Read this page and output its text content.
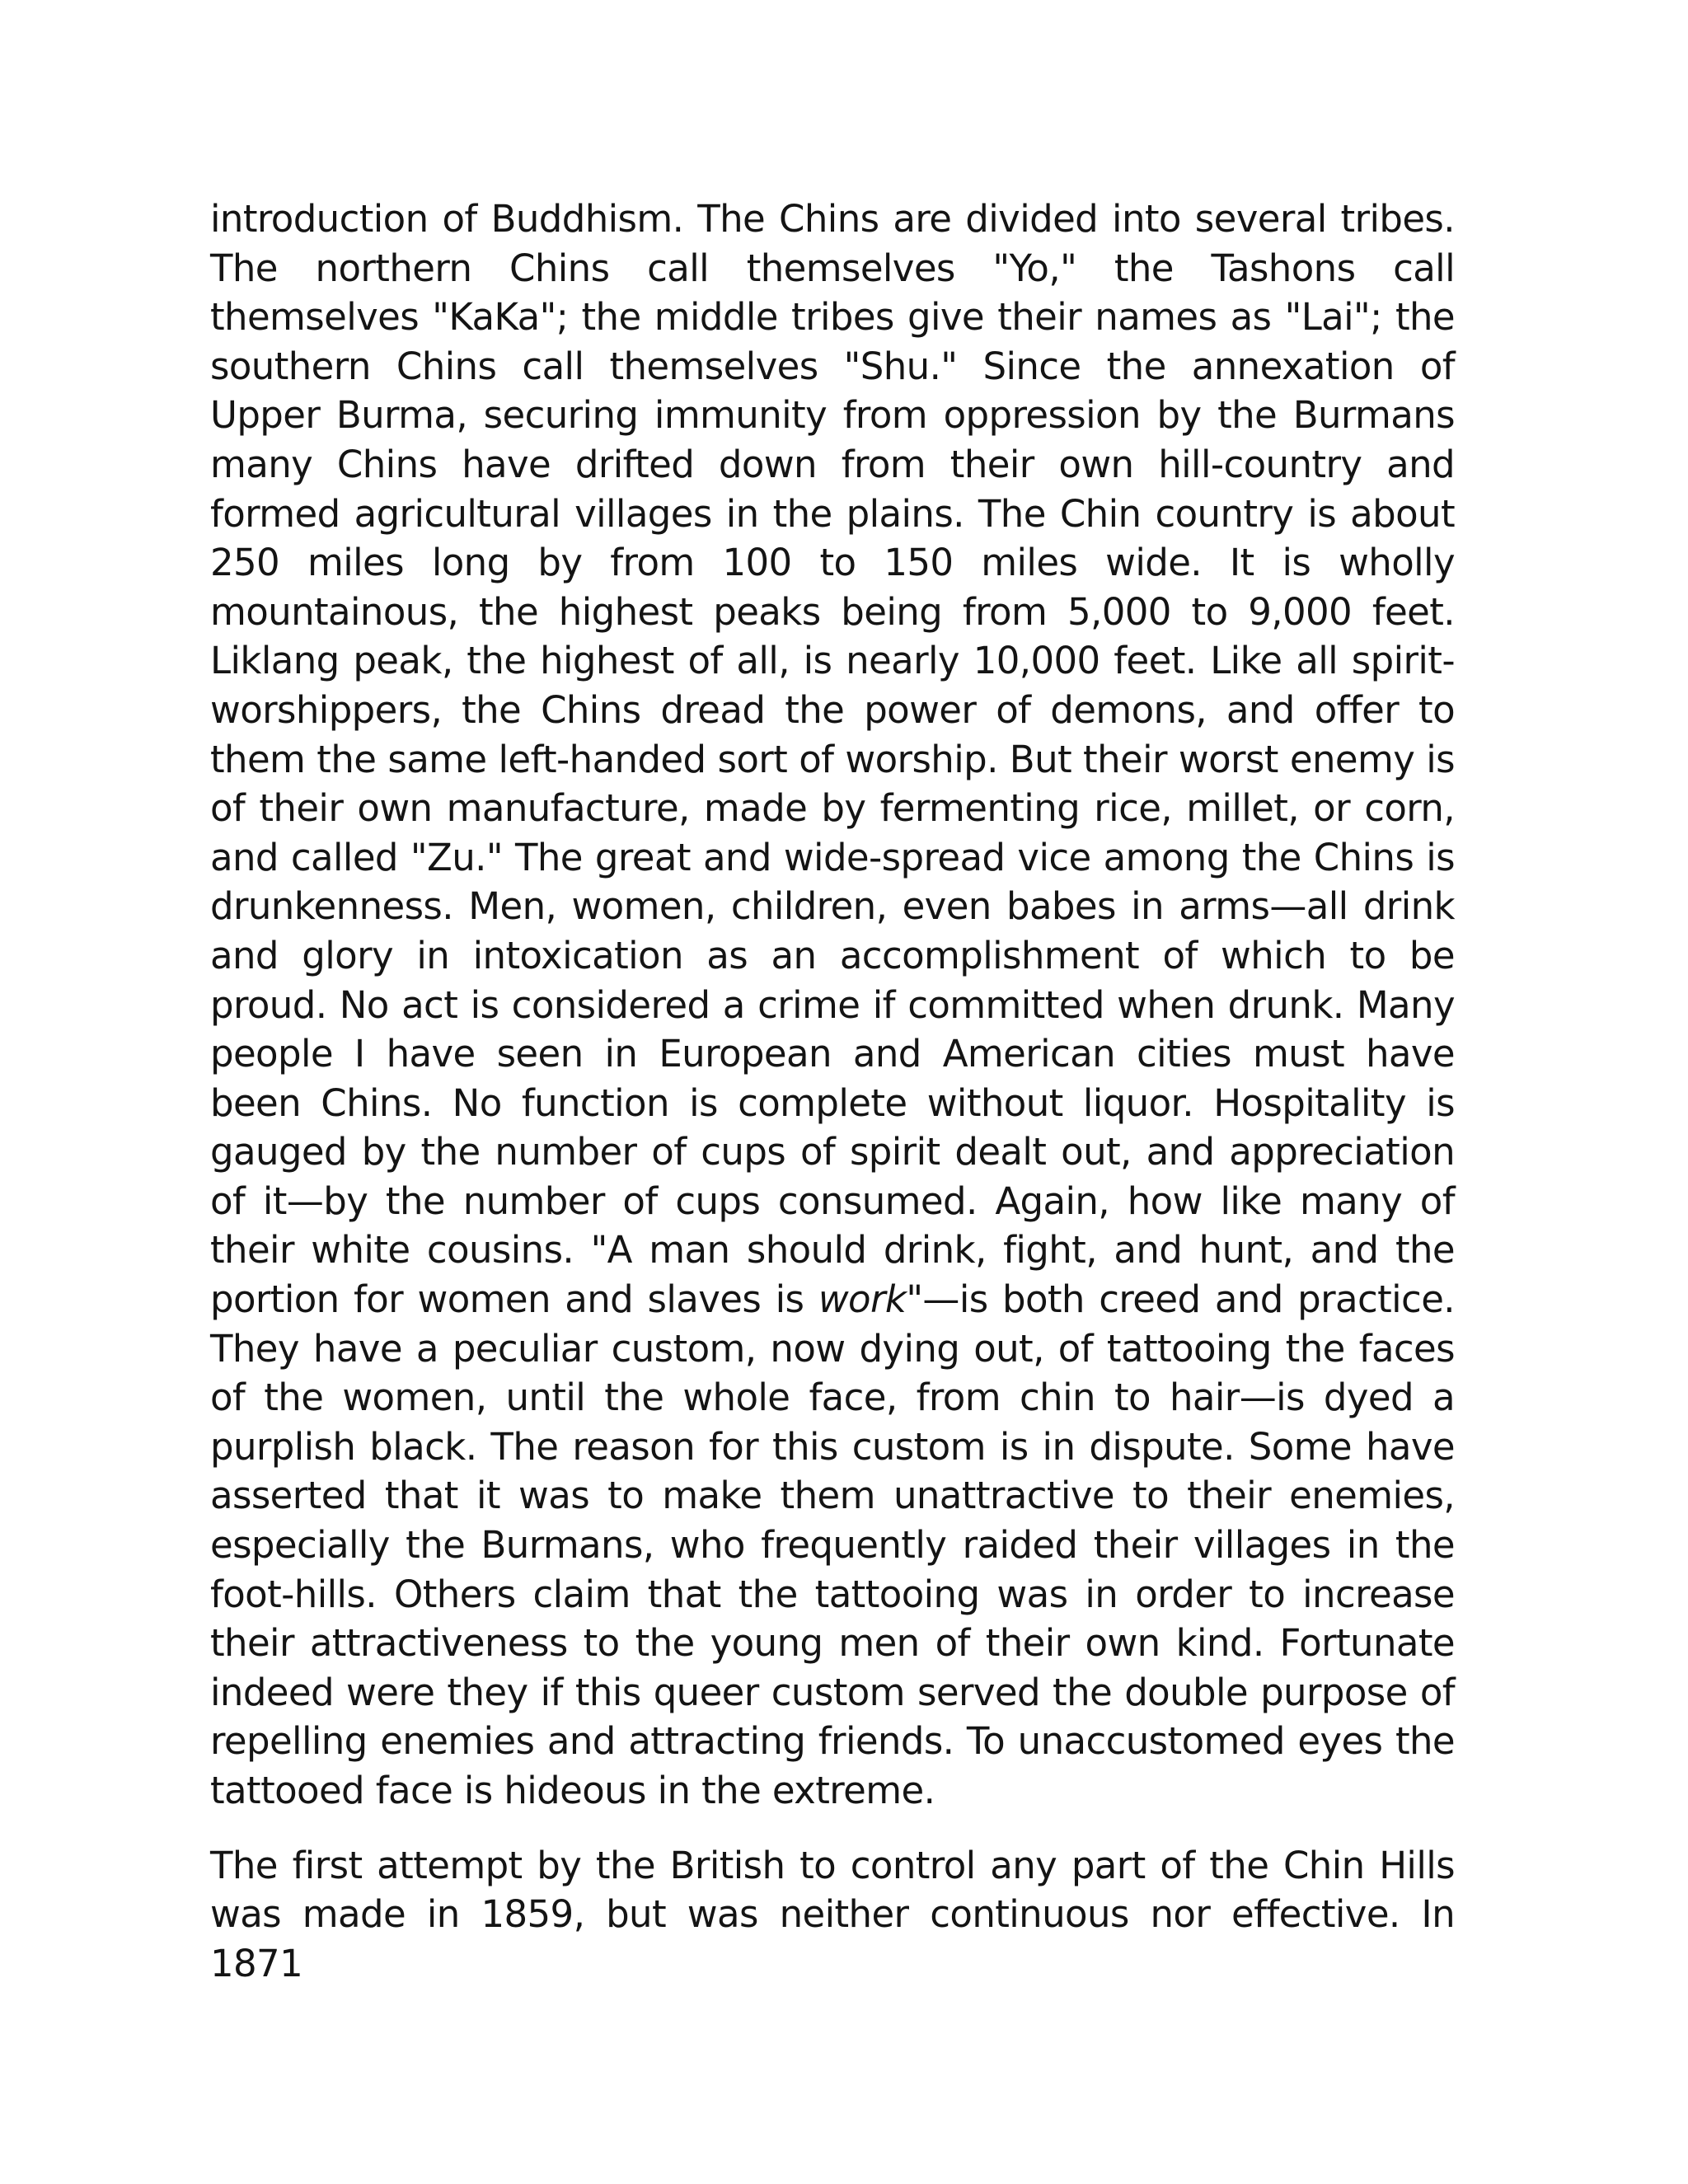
introduction of Buddhism. The Chins are divided into several tribes. The northern Chins call themselves "Yo," the Tashons call themselves "KaKa"; the middle tribes give their names as "Lai"; the southern Chins call themselves "Shu." Since the annexation of Upper Burma, securing immunity from oppression by the Burmans many Chins have drifted down from their own hill-country and formed agricultural villages in the plains. The Chin country is about 250 miles long by from 100 to 150 miles wide. It is wholly mountainous, the highest peaks being from 5,000 to 9,000 feet. Liklang peak, the highest of all, is nearly 10,000 feet. Like all spirit-worshippers, the Chins dread the power of demons, and offer to them the same left-handed sort of worship. But their worst enemy is of their own manufacture, made by fermenting rice, millet, or corn, and called "Zu." The great and wide-spread vice among the Chins is drunkenness. Men, women, children, even babes in arms—all drink and glory in intoxication as an accomplishment of which to be proud. No act is considered a crime if committed when drunk. Many people I have seen in European and American cities must have been Chins. No function is complete without liquor. Hospitality is gauged by the number of cups of spirit dealt out, and appreciation of it—by the number of cups consumed. Again, how like many of their white cousins. "A man should drink, fight, and hunt, and the portion for women and slaves is work"—is both creed and practice. They have a peculiar custom, now dying out, of tattooing the faces of the women, until the whole face, from chin to hair—is dyed a purplish black. The reason for this custom is in dispute. Some have asserted that it was to make them unattractive to their enemies, especially the Burmans, who frequently raided their villages in the foot-hills. Others claim that the tattooing was in order to increase their attractiveness to the young men of their own kind. Fortunate indeed were they if this queer custom served the double purpose of repelling enemies and attracting friends. To unaccustomed eyes the tattooed face is hideous in the extreme.

The first attempt by the British to control any part of the Chin Hills was made in 1859, but was neither continuous nor effective. In 1871
